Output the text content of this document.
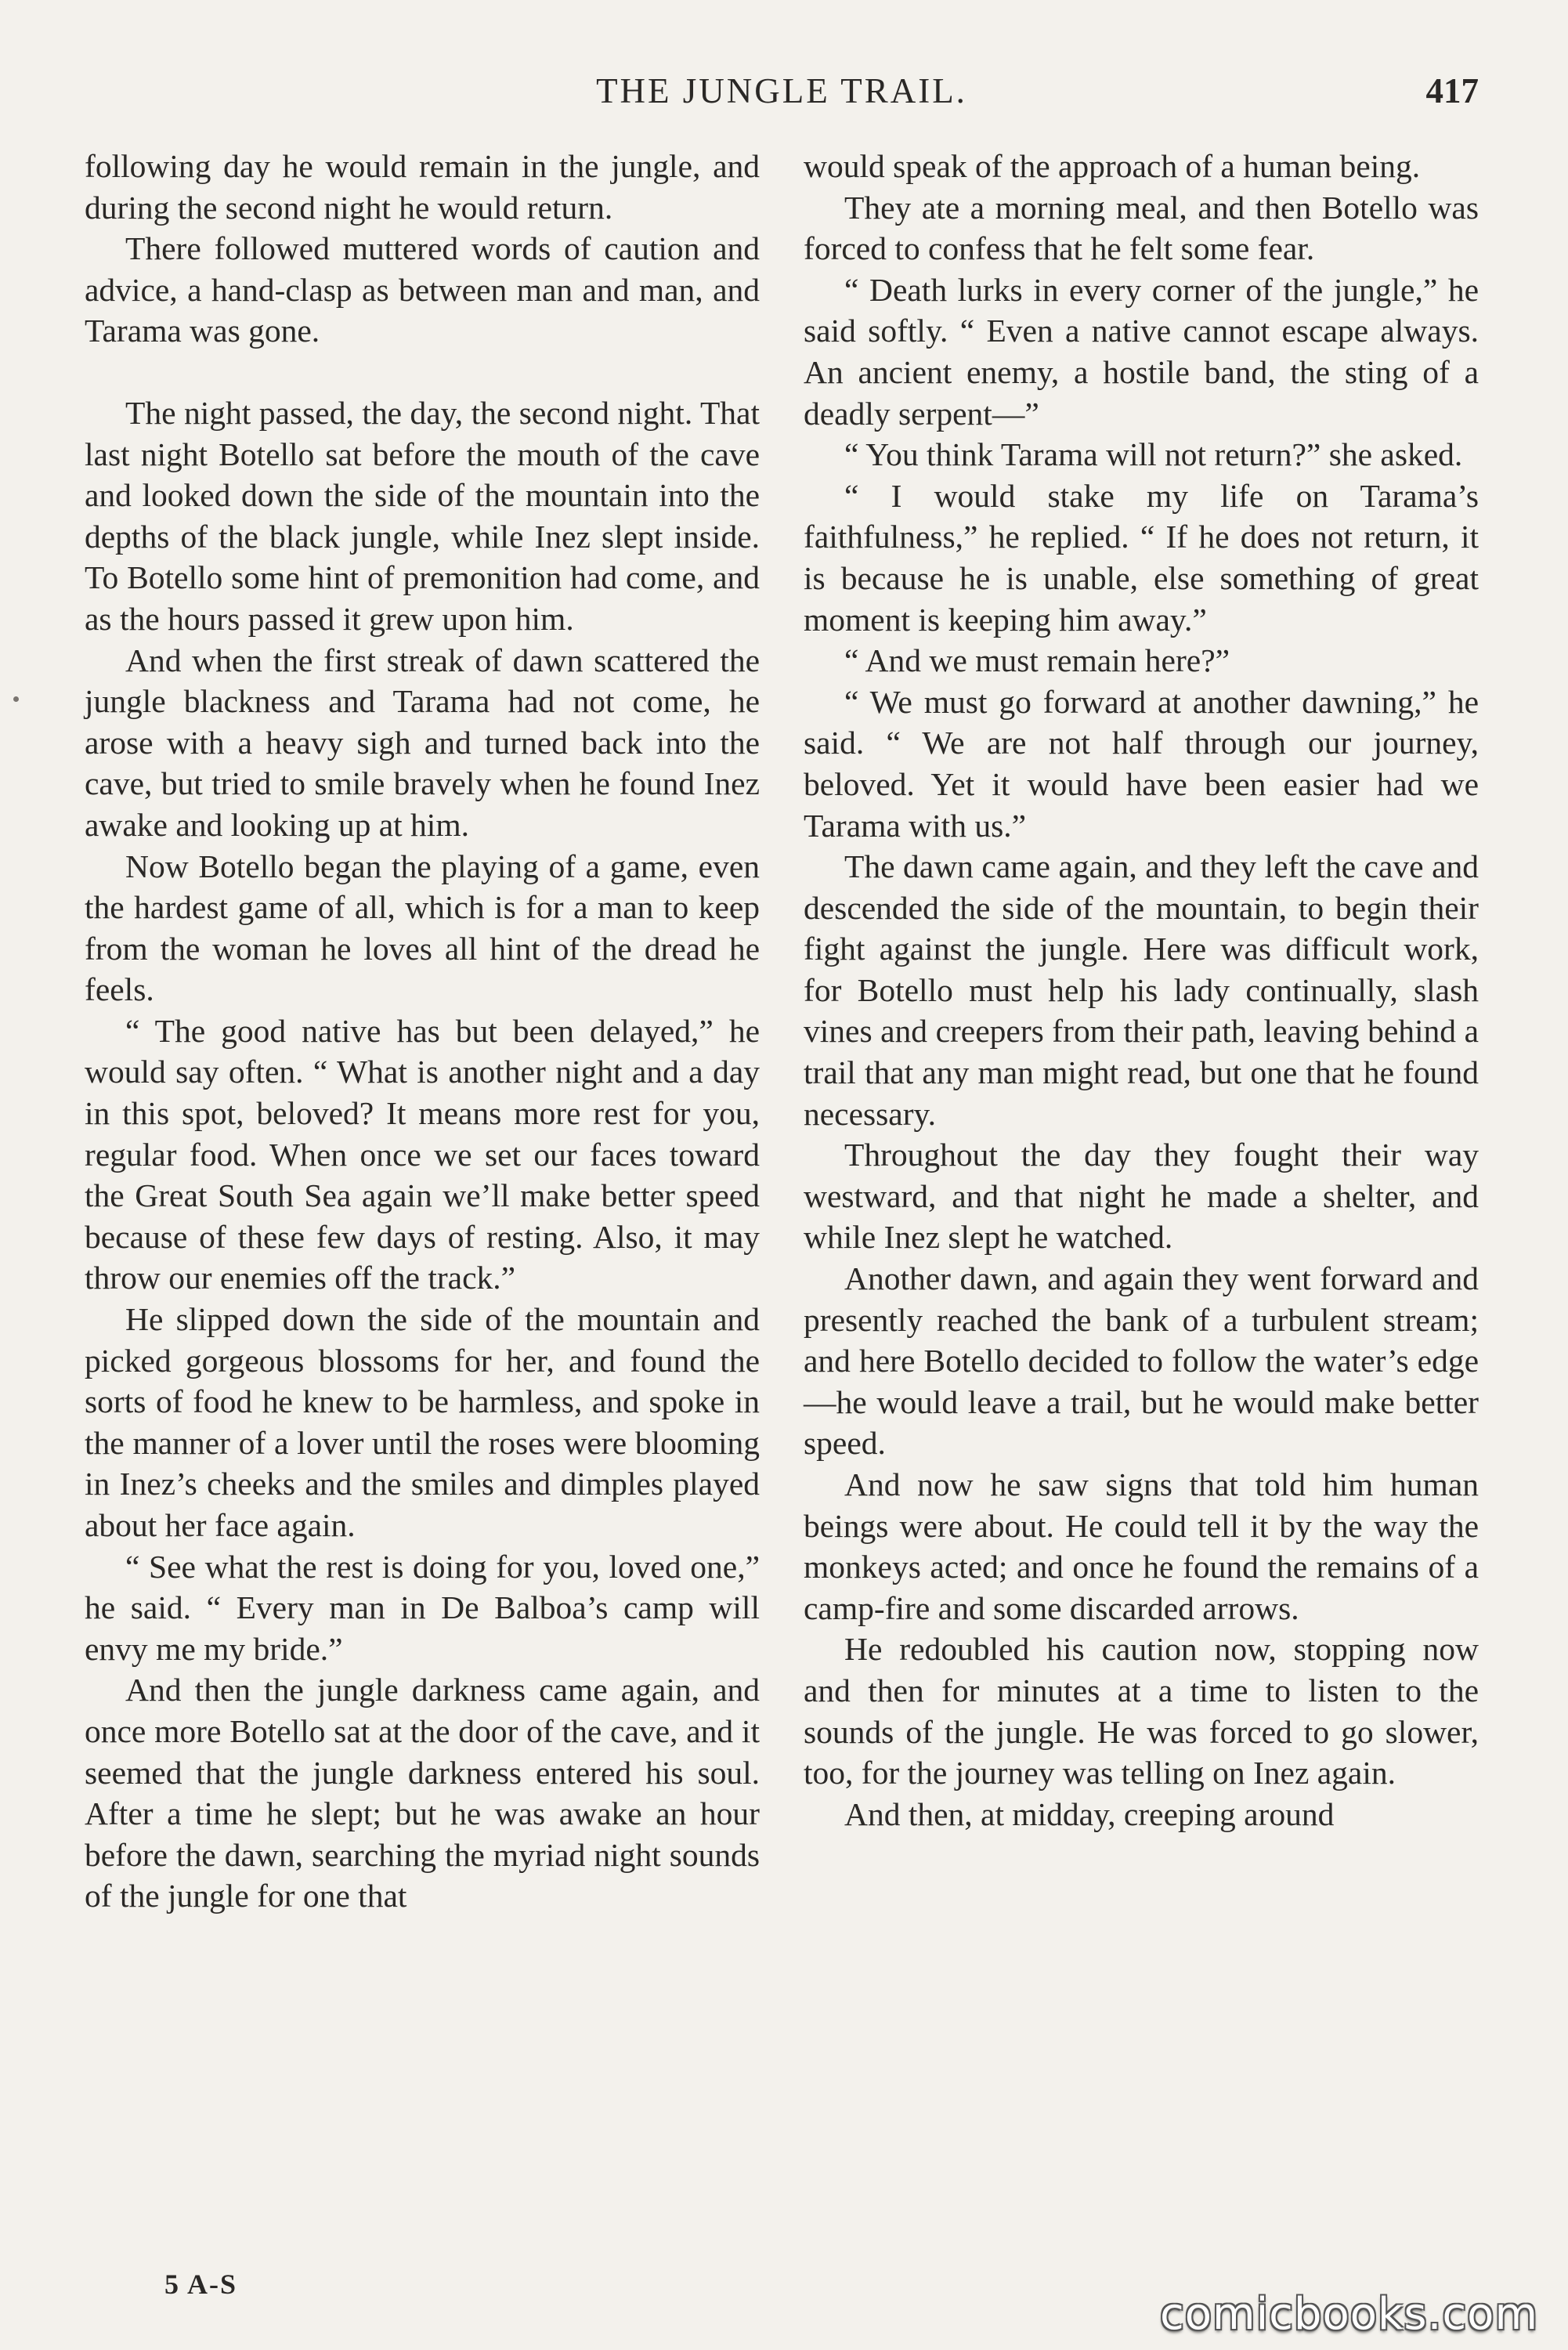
THE JUNGLE TRAIL.	417

following day he would remain in the jungle, and during the second night he would return.

There followed muttered words of caution and advice, a hand-clasp as between man and man, and Tarama was gone.

The night passed, the day, the second night. That last night Botello sat before the mouth of the cave and looked down the side of the mountain into the depths of the black jungle, while Inez slept inside. To Botello some hint of premonition had come, and as the hours passed it grew upon him.

And when the first streak of dawn scattered the jungle blackness and Tarama had not come, he arose with a heavy sigh and turned back into the cave, but tried to smile bravely when he found Inez awake and looking up at him.

Now Botello began the playing of a game, even the hardest game of all, which is for a man to keep from the woman he loves all hint of the dread he feels.

“ The good native has but been delayed,” he would say often. “ What is another night and a day in this spot, beloved? It means more rest for you, regular food. When once we set our faces toward the Great South Sea again we’ll make better speed because of these few days of resting. Also, it may throw our enemies off the track.”

He slipped down the side of the mountain and picked gorgeous blossoms for her, and found the sorts of food he knew to be harmless, and spoke in the manner of a lover until the roses were blooming in Inez’s cheeks and the smiles and dimples played about her face again.

“ See what the rest is doing for you, loved one,” he said. “ Every man in De Balboa’s camp will envy me my bride.”

And then the jungle darkness came again, and once more Botello sat at the door of the cave, and it seemed that the jungle darkness entered his soul. After a time he slept; but he was awake an hour before the dawn, searching the myriad night sounds of the jungle for one that

would speak of the approach of a human being.

They ate a morning meal, and then Botello was forced to confess that he felt some fear.

“ Death lurks in every corner of the jungle,” he said softly. “ Even a native cannot escape always. An ancient enemy, a hostile band, the sting of a deadly serpent—”

“ You think Tarama will not return?” she asked.

“ I would stake my life on Tarama’s faithfulness,” he replied. “ If he does not return, it is because he is unable, else something of great moment is keeping him away.”

“ And we must remain here?”

“ We must go forward at another dawning,” he said. “ We are not half through our journey, beloved. Yet it would have been easier had we Tarama with us.”

The dawn came again, and they left the cave and descended the side of the mountain, to begin their fight against the jungle. Here was difficult work, for Botello must help his lady continually, slash vines and creepers from their path, leaving behind a trail that any man might read, but one that he found necessary.

Throughout the day they fought their way westward, and that night he made a shelter, and while Inez slept he watched.

Another dawn, and again they went forward and presently reached the bank of a turbulent stream; and here Botello decided to follow the water’s edge—he would leave a trail, but he would make better speed.

And now he saw signs that told him human beings were about. He could tell it by the way the monkeys acted; and once he found the remains of a camp-fire and some discarded arrows.

He redoubled his caution now, stopping now and then for minutes at a time to listen to the sounds of the jungle. He was forced to go slower, too, for the journey was telling on Inez again.

And then, at midday, creeping around

5 A-S
comicbooks.com
